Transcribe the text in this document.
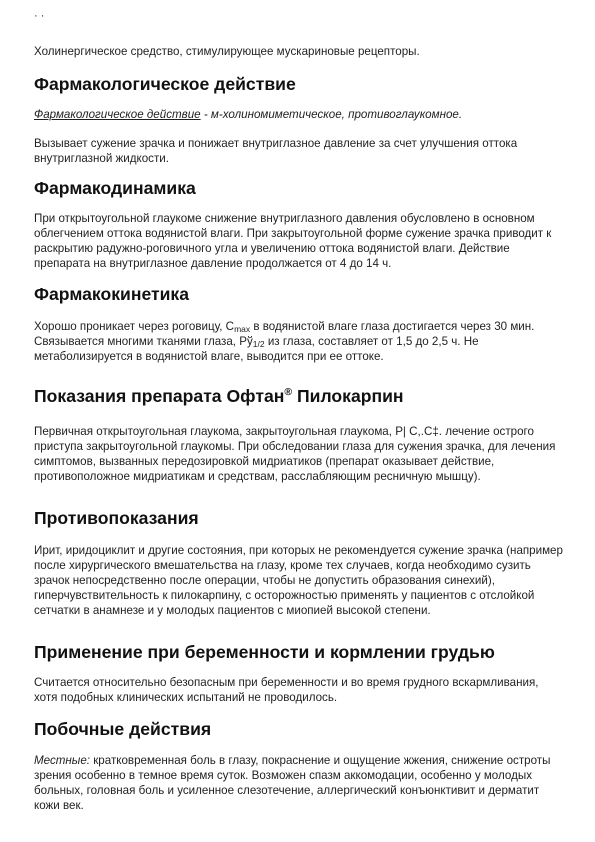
· ·

Холинергическое средство, стимулирующее мускариновые рецепторы.

Фармакологическое действие

Фармакологическое действие - м-холиномиметическое, противоглаукомное.

Вызывает сужение зрачка и понижает внутриглазное давление за счет улучшения оттока внутриглазной жидкости.

Фармакодинамика

При открытоугольной глаукоме снижение внутриглазного давления обусловлено в основном облегчением оттока водянистой влаги. При закрытоугольной форме сужение зрачка приводит к раскрытию радужно-роговичного угла и увеличению оттока водянистой влаги. Действие препарата на внутриглазное давление продолжается от 4 до 14 ч.

Фармакокинетика

Хорошо проникает через роговицу, $C_{max}$ в водянистой влаге глаза достигается через 30 мин. Связывается многими тканями глаза, $Рў_{1/2}$ из глаза, составляет от 1,5 до 2,5 ч. Не метаболизируется в водянистой влаге, выводится при ее оттоке.

Показания препарата Офтан® Пилокарпин

Первичная открытоугольная глаукома, закрытоугольная глаукома, Р| С,.С‡. лечение острого приступа закрытоугольной глаукомы. При обследовании глаза для сужения зрачка, для лечения симптомов, вызванных передозировкой мидриатиков (препарат оказывает действие, противоположное мидриатикам и средствам, расслабляющим ресничную мышцу).

Противопоказания

Ирит, иридоциклит и другие состояния, при которых не рекомендуется сужение зрачка (например после хирургического вмешательства на глазу, кроме тех случаев, когда необходимо сузить зрачок непосредственно после операции, чтобы не допустить образования синехий), гиперчувствительность к пилокарпину, с осторожностью применять у пациентов с отслойкой сетчатки в анамнезе и у молодых пациентов с миопией высокой степени.

Применение при беременности и кормлении грудью

Считается относительно безопасным при беременности и во время грудного вскармливания, хотя подобных клинических испытаний не проводилось.

Побочные действия

Местные: кратковременная боль в глазу, покраснение и ощущение жжения, снижение остроты зрения особенно в темное время суток. Возможен спазм аккомодации, особенно у молодых больных, головная боль и усиленное слезотечение, аллергический конъюнктивит и дерматит кожи век.
